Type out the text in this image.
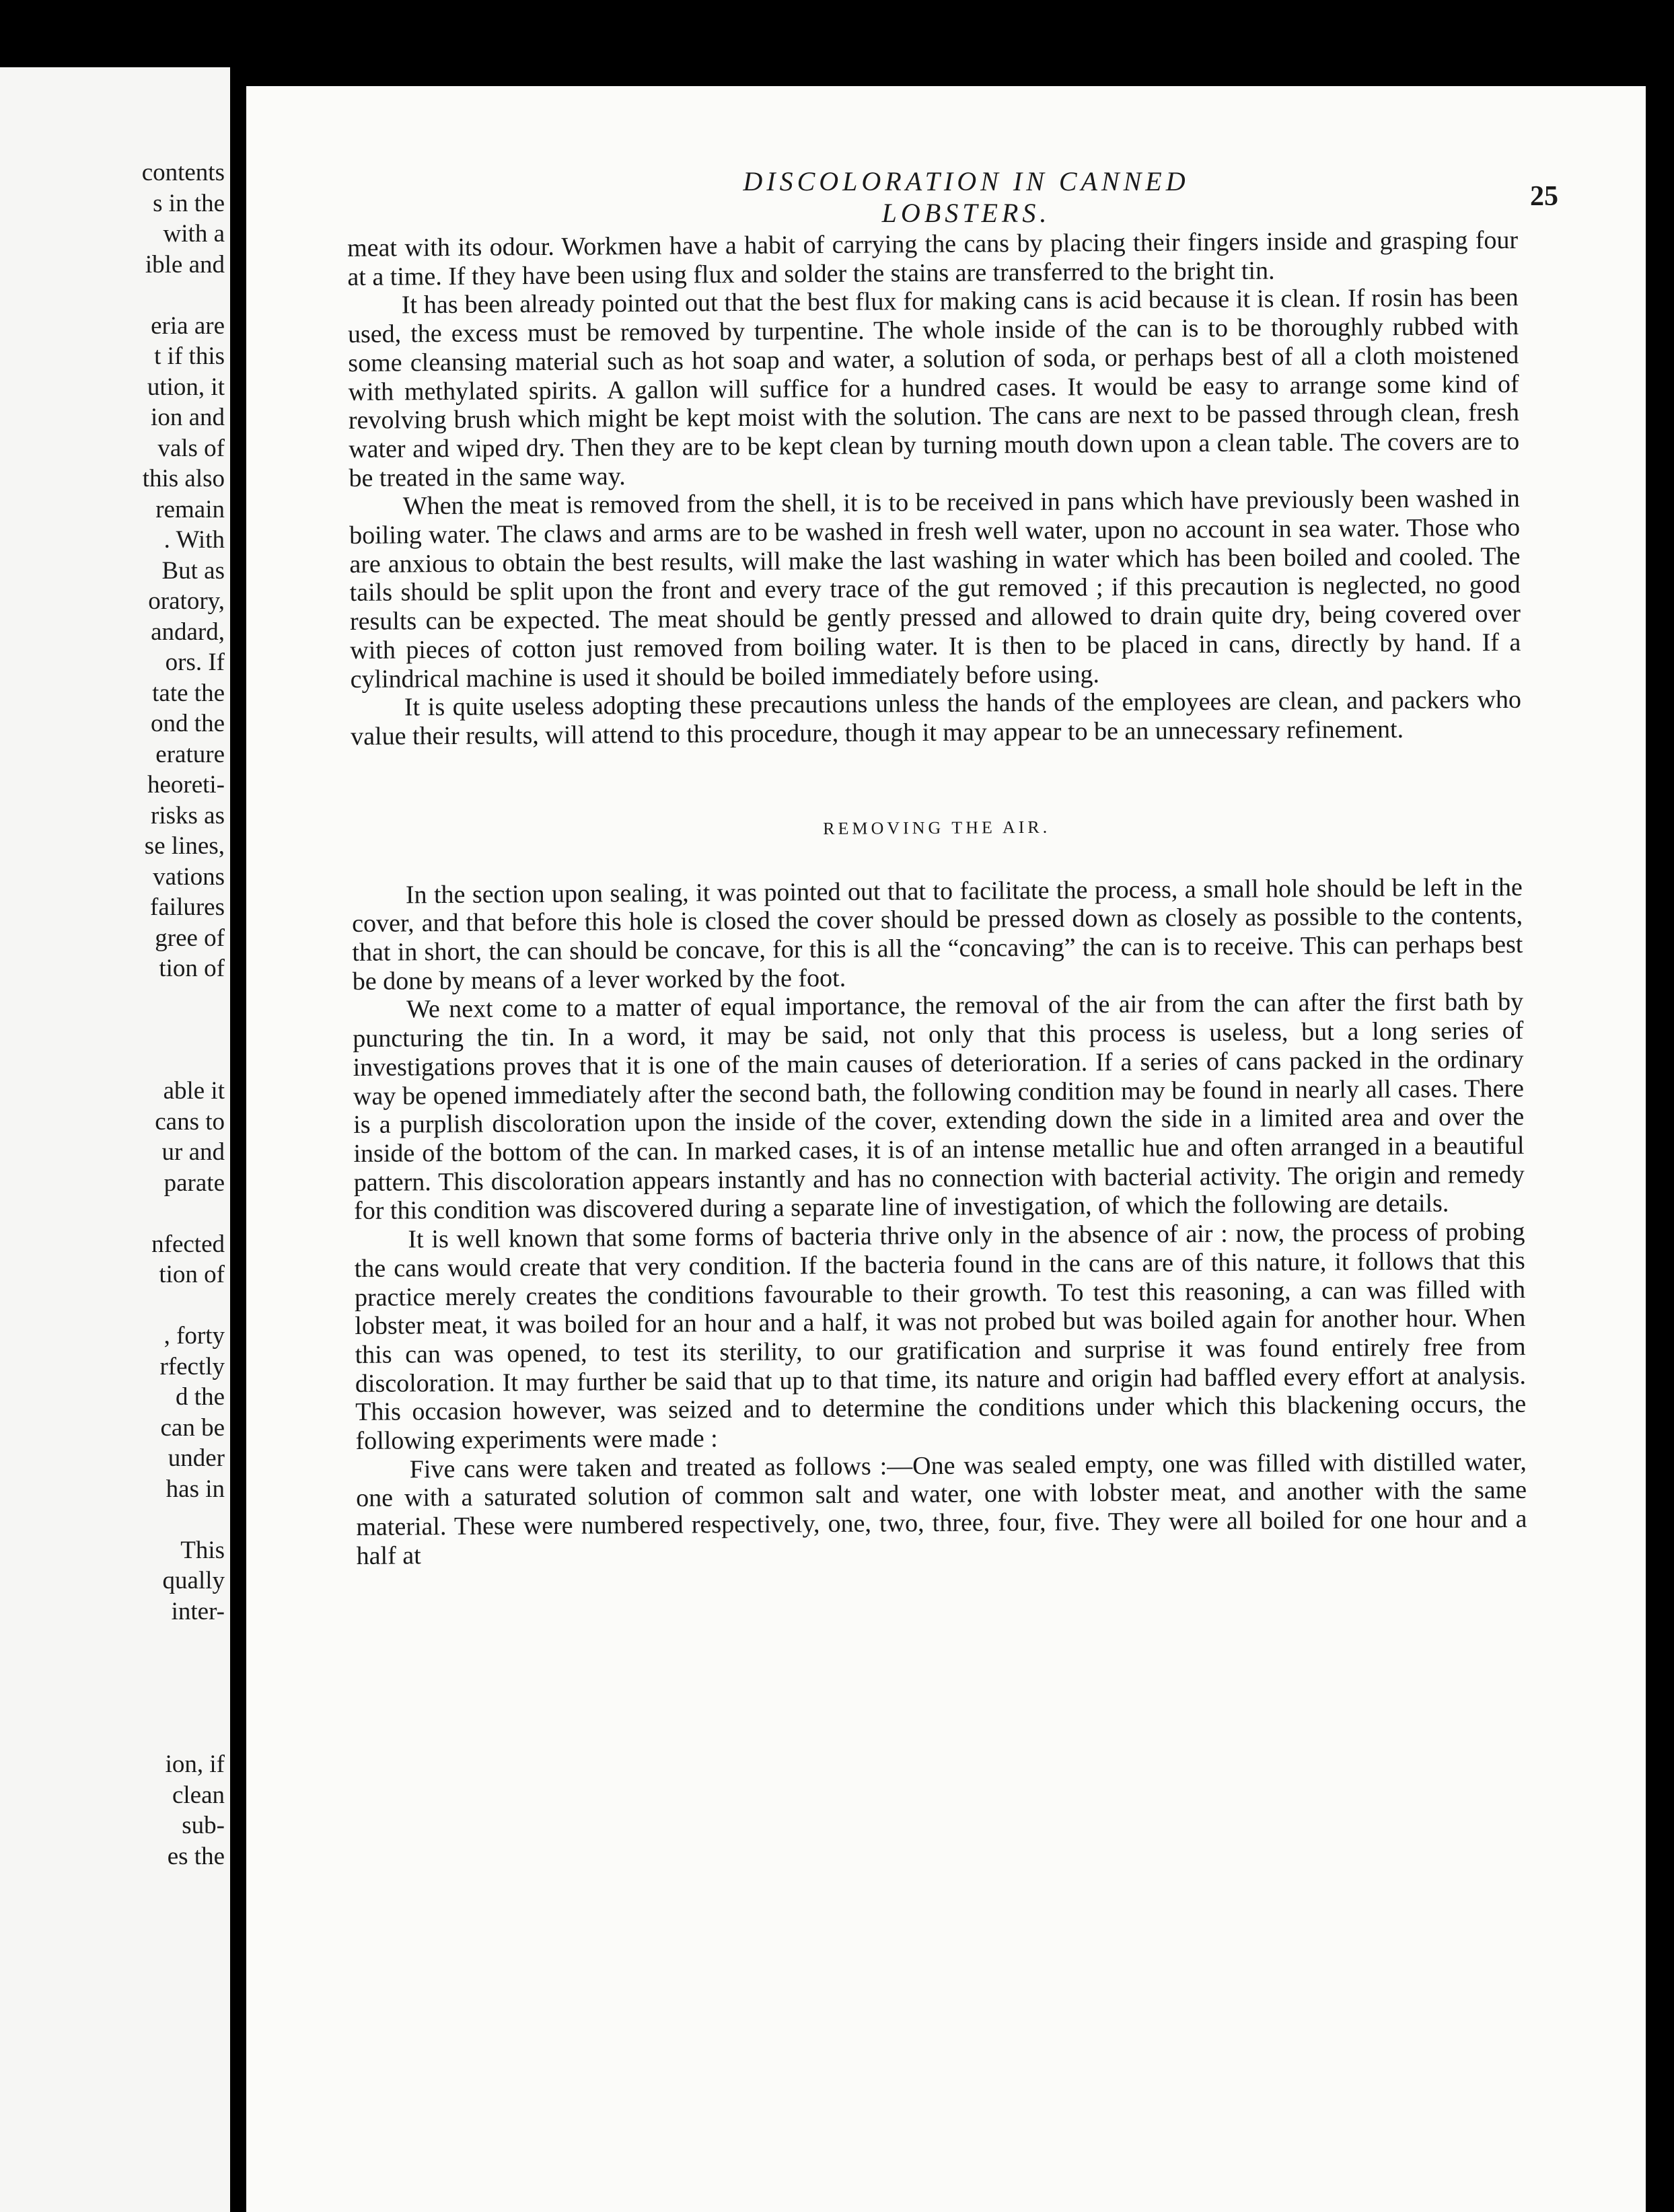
contents
s in the
with a
ible and
eria are
t if this
ution, it
ion and
vals of
this also
remain
. With
But as
oratory,
andard,
ors. If
tate the
ond the
erature
heoreti-
risks as
se lines,
vations
failures
gree of
tion of
able it
cans to
ur and
parate
nfected
tion of
, forty
rfectly
d the
can be
under
has in
This
qually
inter-
ion, if
clean
sub-
es the
DISCOLORATION IN CANNED LOBSTERS.
25

meat with its odour. Workmen have a habit of carrying the cans by placing their fingers inside and grasping four at a time. If they have been using flux and solder the stains are transferred to the bright tin.

It has been already pointed out that the best flux for making cans is acid because it is clean. If rosin has been used, the excess must be removed by turpentine. The whole inside of the can is to be thoroughly rubbed with some cleansing material such as hot soap and water, a solution of soda, or perhaps best of all a cloth moistened with methylated spirits. A gallon will suffice for a hundred cases. It would be easy to arrange some kind of revolving brush which might be kept moist with the solution. The cans are next to be passed through clean, fresh water and wiped dry. Then they are to be kept clean by turning mouth down upon a clean table. The covers are to be treated in the same way.

When the meat is removed from the shell, it is to be received in pans which have previously been washed in boiling water. The claws and arms are to be washed in fresh well water, upon no account in sea water. Those who are anxious to obtain the best results, will make the last washing in water which has been boiled and cooled. The tails should be split upon the front and every trace of the gut removed ; if this precaution is neglected, no good results can be expected. The meat should be gently pressed and allowed to drain quite dry, being covered over with pieces of cotton just removed from boiling water. It is then to be placed in cans, directly by hand. If a cylindrical machine is used it should be boiled immediately before using.

It is quite useless adopting these precautions unless the hands of the employees are clean, and packers who value their results, will attend to this procedure, though it may appear to be an unnecessary refinement.

REMOVING THE AIR.

In the section upon sealing, it was pointed out that to facilitate the process, a small hole should be left in the cover, and that before this hole is closed the cover should be pressed down as closely as possible to the contents, that in short, the can should be concave, for this is all the “concaving” the can is to receive. This can perhaps best be done by means of a lever worked by the foot.

We next come to a matter of equal importance, the removal of the air from the can after the first bath by puncturing the tin. In a word, it may be said, not only that this process is useless, but a long series of investigations proves that it is one of the main causes of deterioration. If a series of cans packed in the ordinary way be opened immediately after the second bath, the following condition may be found in nearly all cases. There is a purplish discoloration upon the inside of the cover, extending down the side in a limited area and over the inside of the bottom of the can. In marked cases, it is of an intense metallic hue and often arranged in a beautiful pattern. This discoloration appears instantly and has no connection with bacterial activity. The origin and remedy for this condition was discovered during a separate line of investigation, of which the following are details.

It is well known that some forms of bacteria thrive only in the absence of air : now, the process of probing the cans would create that very condition. If the bacteria found in the cans are of this nature, it follows that this practice merely creates the conditions favourable to their growth. To test this reasoning, a can was filled with lobster meat, it was boiled for an hour and a half, it was not probed but was boiled again for another hour. When this can was opened, to test its sterility, to our gratification and surprise it was found entirely free from discoloration. It may further be said that up to that time, its nature and origin had baffled every effort at analysis. This occasion however, was seized and to determine the conditions under which this blackening occurs, the following experiments were made :

Five cans were taken and treated as follows :—One was sealed empty, one was filled with distilled water, one with a saturated solution of common salt and water, one with lobster meat, and another with the same material. These were numbered respectively, one, two, three, four, five. They were all boiled for one hour and a half at
